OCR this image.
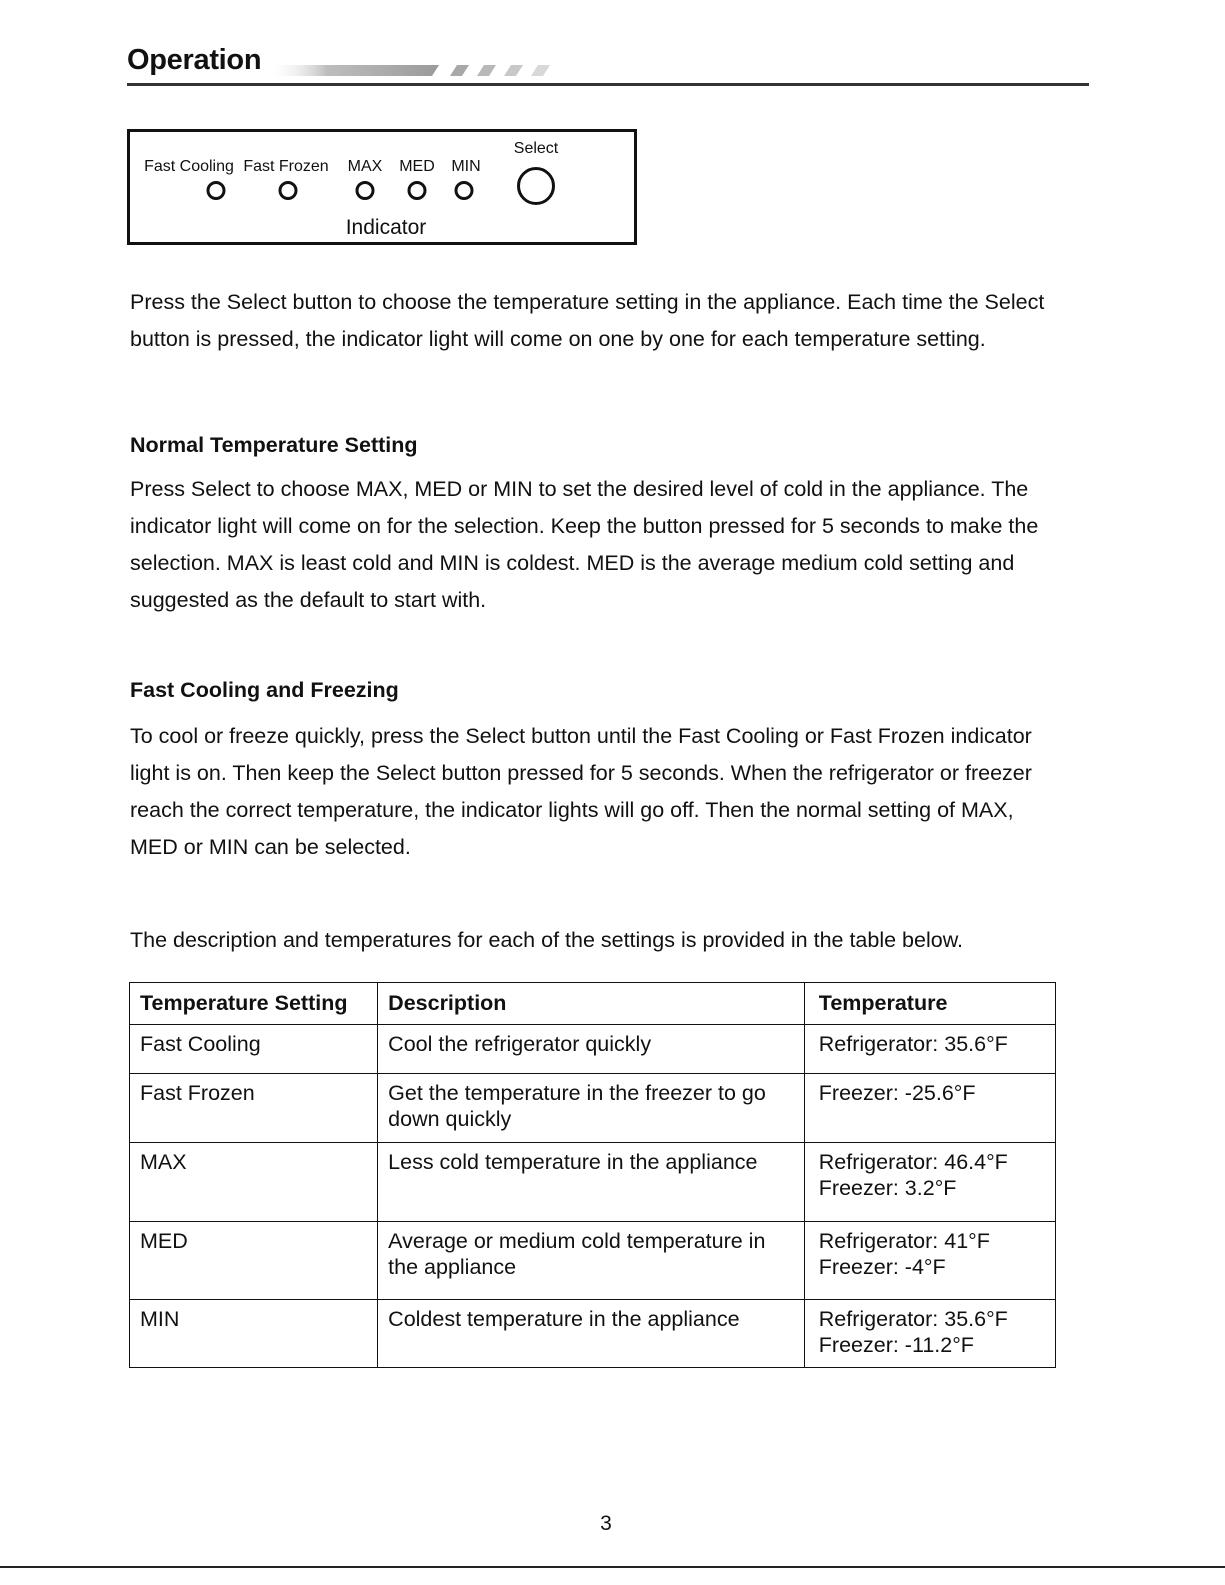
Operation
Fast Cooling Fast Frozen MAX MED MIN
Select
Indicator

Press the Select button to choose the temperature setting in the appliance. Each time the Select button is pressed, the indicator light will come on one by one for each temperature setting.

Normal Temperature Setting

Press Select to choose MAX, MED or MIN to set the desired level of cold in the appliance. The indicator light will come on for the selection. Keep the button pressed for 5 seconds to make the selection. MAX is least cold and MIN is coldest. MED is the average medium cold setting and suggested as the default to start with.

Fast Cooling and Freezing

To cool or freeze quickly, press the Select button until the Fast Cooling or Fast Frozen indicator light is on. Then keep the Select button pressed for 5 seconds. When the refrigerator or freezer reach the correct temperature, the indicator lights will go off. Then the normal setting of MAX, MED or MIN can be selected.

The description and temperatures for each of the settings is provided in the table below.

Temperature Setting	Description	Temperature
Fast Cooling	Cool the refrigerator quickly	Refrigerator: 35.6°F

Fast Frozen	Get the temperature in the freezer to go down quickly	Freezer: -25.6°F

MAX	Less cold temperature in the appliance	Refrigerator: 46.4°F
Freezer: 3.2°F

MED	Average or medium cold temperature in the appliance	Refrigerator: 41°F
Freezer: -4°F

MIN	Coldest temperature in the appliance	Refrigerator: 35.6°F
Freezer: -11.2°F
3
